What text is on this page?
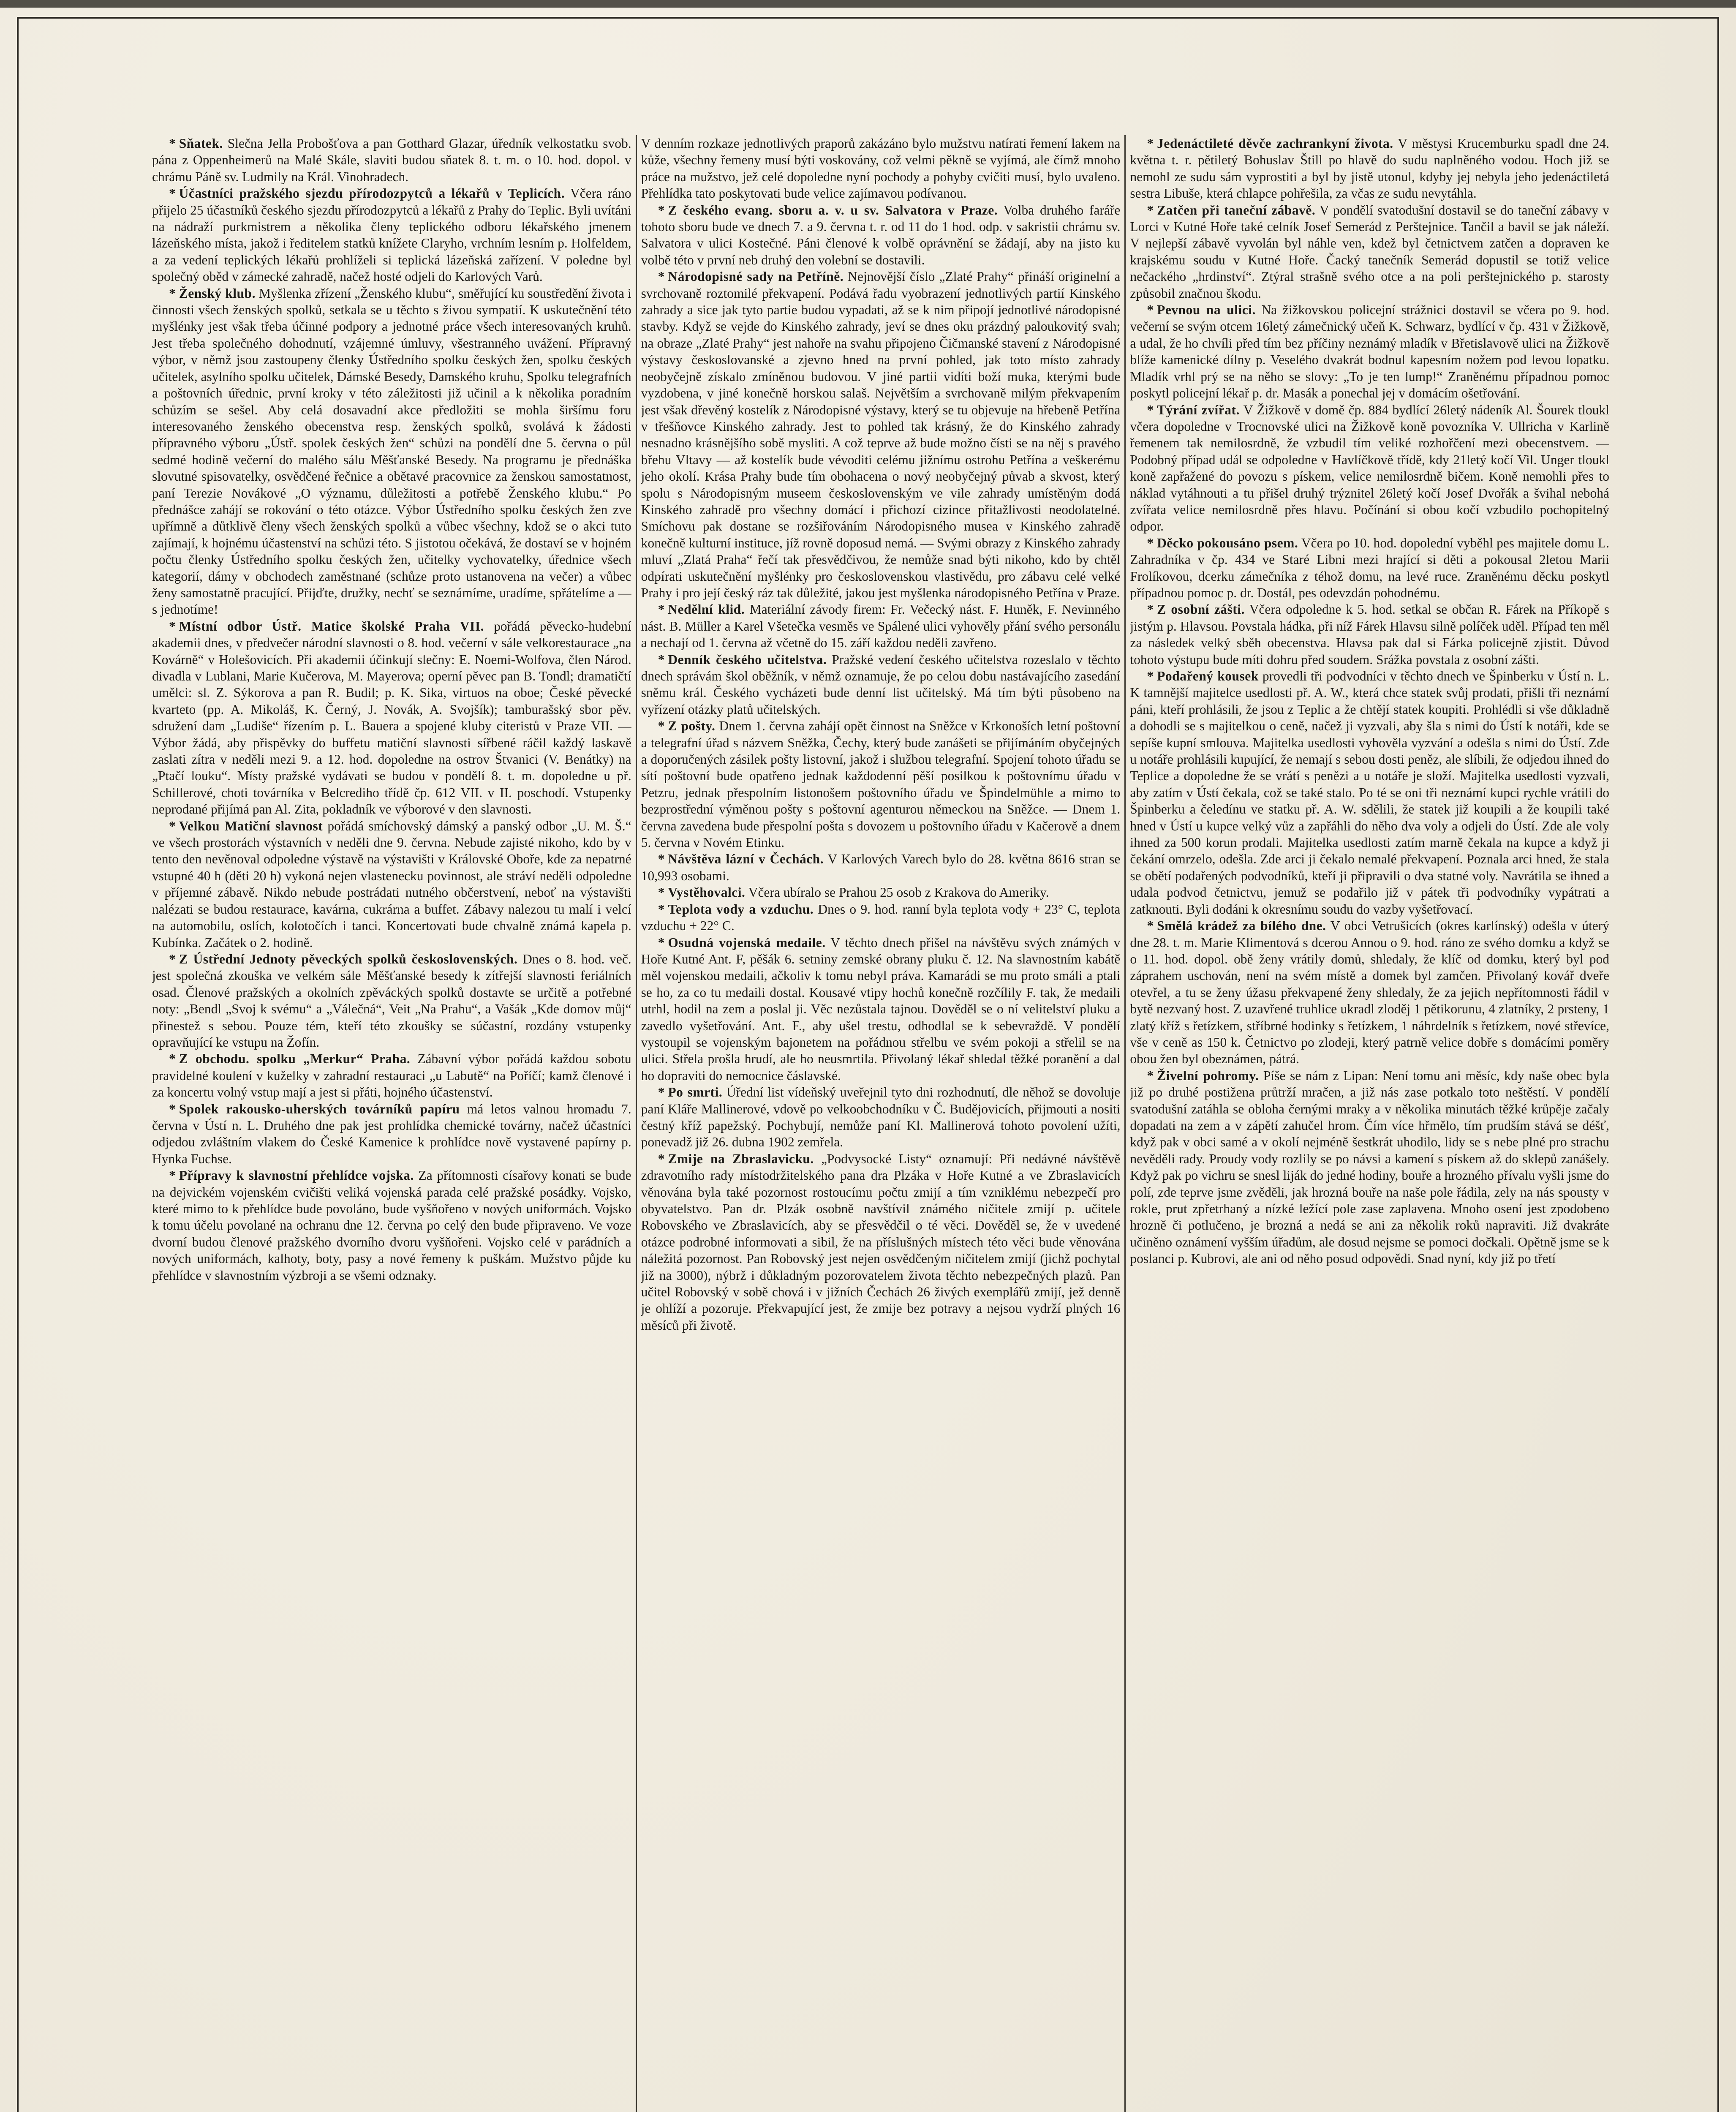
* Sňatek. Slečna Jella Probošťova a pan Gotthard Glazar, úředník velkostatku svob. pána z Oppenheimerů na Malé Skále, slaviti budou sňatek 8. t. m. o 10. hod. dopol. v chrámu Páně sv. Ludmily na Král. Vinohradech.

* Účastníci pražského sjezdu přírodozpytců a lékařů v Teplicích. Včera ráno přijelo 25 účastníků českého sjezdu přírodozpytců a lékařů z Prahy do Teplic. Byli uvítáni na nádraží purkmistrem a několika členy teplického odboru lékařského jmenem lázeňského místa, jakož i ředitelem statků knížete Claryho, vrchním lesním p. Holfeldem, a za vedení teplických lékařů prohlíželi si teplická lázeňská zařízení. V poledne byl společný oběd v zámecké zahradě, načež hosté odjeli do Karlových Varů.

* Ženský klub. Myšlenka zřízení „Ženského klubu“, směřující ku soustředění života i činnosti všech ženských spolků, setkala se u těchto s živou sympatií. K uskutečnění této myšlénky jest však třeba účinné podpory a jednotné práce všech interesovaných kruhů. Jest třeba společného dohodnutí, vzájemné úmluvy, všestranného uvážení. Přípravný výbor, v němž jsou zastoupeny členky Ústředního spolku českých žen, spolku českých učitelek, asylního spolku učitelek, Dámské Besedy, Damského kruhu, Spolku telegrafních a poštovních úřednic, první kroky v této záležitosti již učinil a k několika poradním schůzím se sešel. Aby celá dosavadní akce předložiti se mohla širšímu foru interesovaného ženského obecenstva resp. ženských spolků, svolává k žádosti přípravného výboru „Ústř. spolek českých žen“ schůzi na pondělí dne 5. června o půl sedmé hodině večerní do malého sálu Měšťanské Besedy. Na programu je přednáška slovutné spisovatelky, osvědčené řečnice a obětavé pracovnice za ženskou samostatnost, paní Terezie Novákové „O významu, důležitosti a potřebě Ženského klubu.“ Po přednášce zahájí se rokování o této otázce. Výbor Ústředního spolku českých žen zve upřímně a důtklivě členy všech ženských spolků a vůbec všechny, kdož se o akci tuto zajímají, k hojnému účastenství na schůzi této. S jistotou očekává, že dostaví se v hojném počtu členky Ústředního spolku českých žen, učitelky vychovatelky, úřednice všech kategorií, dámy v obchodech zaměstnané (schůze proto ustanovena na večer) a vůbec ženy samostatně pracující. Přijďte, družky, nechť se seznámíme, uradíme, spřátelíme a — s jednotíme!

* Místní odbor Ústř. Matice školské Praha VII. pořádá pěvecko-hudební akademii dnes, v předvečer národní slavnosti o 8. hod. večerní v sále velkorestaurace „na Kovárně“ v Holešovicích. Při akademii účinkují slečny: E. Noemi-Wolfova, člen Národ. divadla v Lublani, Marie Kučerova, M. Mayerova; operní pěvec pan B. Tondl; dramatičtí umělci: sl. Z. Sýkorova a pan R. Budil; p. K. Sika, virtuos na oboe; České pěvecké kvarteto (pp. A. Mikoláš, K. Černý, J. Novák, A. Svojšík); tamburašský sbor pěv. sdružení dam „Ludiše“ řízením p. L. Bauera a spojené kluby citeristů v Praze VII. — Výbor žádá, aby přispěvky do buffetu matiční slavnosti sířbené ráčil každý laskavě zaslati zítra v neděli mezi 9. a 12. hod. dopoledne na ostrov Štvanici (V. Benátky) na „Ptačí louku“. Místy pražské vydávati se budou v pondělí 8. t. m. dopoledne u př. Schillerové, choti továrníka v Belcrediho třídě čp. 612 VII. v II. poschodí. Vstupenky neprodané přijímá pan Al. Zita, pokladník ve výborové v den slavnosti.

* Velkou Matiční slavnost pořádá smíchovský dámský a panský odbor „U. M. Š.“ ve všech prostorách výstavních v neděli dne 9. června. Nebude zajisté nikoho, kdo by v tento den nevěnoval odpoledne výstavě na výstavišti v Královské Oboře, kde za nepatrné vstupné 40 h (děti 20 h) vykoná nejen vlastenecku povinnost, ale stráví neděli odpoledne v příjemné zábavě. Nikdo nebude postrádati nutného občerstvení, neboť na výstavišti nalézati se budou restaurace, kavárna, cukrárna a buffet. Zábavy nalezou tu malí i velcí na automobilu, oslích, kolotočích i tanci. Koncertovati bude chvalně známá kapela p. Kubínka. Začátek o 2. hodině.

* Z Ústřední Jednoty pěveckých spolků československých. Dnes o 8. hod. več. jest společná zkouška ve velkém sále Měšťanské besedy k zítřejší slavnosti feriálních osad. Členové pražských a okolních zpěváckých spolků dostavte se určitě a potřebné noty: „Bendl „Svoj k svému“ a „Válečná“, Veit „Na Prahu“, a Vašák „Kde domov můj“ přinestež s sebou. Pouze tém, kteří této zkoušky se súčastní, rozdány vstupenky opravňující ke vstupu na Žofín.

* Z obchodu. spolku „Merkur“ Praha. Zábavní výbor pořádá každou sobotu pravidelné koulení v kuželky v zahradní restauraci „u Labutě“ na Poříčí; kamž členové i za koncertu volný vstup mají a jest si přáti, hojného účastenství.

* Spolek rakousko-uherských továrníků papíru má letos valnou hromadu 7. června v Ústí n. L. Druhého dne pak jest prohlídka chemické továrny, načež účastníci odjedou zvláštním vlakem do České Kamenice k prohlídce nově vystavené papírny p. Hynka Fuchse.

* Přípravy k slavnostní přehlídce vojska. Za přítomnosti císařovy konati se bude na dejvickém vojenském cvičišti veliká vojenská parada celé pražské posádky. Vojsko, které mimo to k přehlídce bude povoláno, bude vyšňořeno v nových uniformách. Vojsko k tomu účelu povolané na ochranu dne 12. června po celý den bude připraveno. Ve voze dvorní budou členové pražského dvorního dvoru vyšňořeni. Vojsko celé v parádních a nových uniformách, kalhoty, boty, pasy a nové řemeny k puškám. Mužstvo půjde ku přehlídce v slavnostním výzbroji a se všemi odznaky.

V denním rozkaze jednotlivých praporů zakázáno bylo mužstvu natírati řemení lakem na kůže, všechny řemeny musí býti voskovány, což velmi pěkně se vyjímá, ale čímž mnoho práce na mužstvo, jež celé dopoledne nyní pochody a pohyby cvičiti musí, bylo uvaleno. Přehlídka tato poskytovati bude velice zajímavou podívanou.

* Z českého evang. sboru a. v. u sv. Salvatora v Praze. Volba druhého faráře tohoto sboru bude ve dnech 7. a 9. června t. r. od 11 do 1 hod. odp. v sakristii chrámu sv. Salvatora v ulici Kostečné. Páni členové k volbě oprávnění se žádají, aby na jisto ku volbě této v první neb druhý den volební se dostavili.

* Národopisné sady na Petříně. Nejnovější číslo „Zlaté Prahy“ přináší originelní a svrchovaně roztomilé překvapení. Podává řadu vyobrazení jednotlivých partií Kinského zahrady a sice jak tyto partie budou vypadati, až se k nim připojí jednotlivé národopisné stavby. Když se vejde do Kinského zahrady, jeví se dnes oku prázdný paloukovitý svah; na obraze „Zlaté Prahy“ jest nahoře na svahu připojeno Čičmanské stavení z Národopisné výstavy českoslovanské a zjevno hned na první pohled, jak toto místo zahrady neobyčejně získalo zmíněnou budovou. V jiné partii vidíti boží muka, kterými bude vyzdobena, v jiné konečně horskou salaš. Největším a svrchovaně milým překvapením jest však dřevěný kostelík z Národopisné výstavy, který se tu objevuje na hřebeně Petřína v třešňovce Kinského zahrady. Jest to pohled tak krásný, že do Kinského zahrady nesnadno krásnějšího sobě mysliti. A což teprve až bude možno čísti se na něj s pravého břehu Vltavy — až kostelík bude vévoditi celému jižnímu ostrohu Petřína a veškerému jeho okolí. Krása Prahy bude tím obohacena o nový neobyčejný půvab a skvost, který spolu s Národopisným museem československým ve vile zahrady umístěným dodá Kinského zahradě pro všechny domácí i přichozí cizince přitažlivosti neodolatelné. Smíchovu pak dostane se rozšiřováním Národopisného musea v Kinského zahradě konečně kulturní instituce, jíž rovně doposud nemá. — Svými obrazy z Kinského zahrady mluví „Zlatá Praha“ řečí tak přesvědčivou, že nemůže snad býti nikoho, kdo by chtěl odpírati uskutečnění myšlénky pro československou vlastivědu, pro zábavu celé velké Prahy i pro její český ráz tak důležité, jakou jest myšlenka národopisného Petřína v Praze.

* Nedělní klid. Materiální závody firem: Fr. Večecký nást. F. Huněk, F. Nevinného nást. B. Müller a Karel Všetečka vesměs ve Spálené ulici vyhověly přání svého personálu a nechají od 1. června až včetně do 15. září každou neděli zavřeno.

* Denník českého učitelstva. Pražské vedení českého učitelstva rozeslalo v těchto dnech správám škol oběžník, v němž oznamuje, že po celou dobu nastávajícího zasedání sněmu král. Českého vycházeti bude denní list učitelský. Má tím býti působeno na vyřízení otázky platů učitelských.

* Z pošty. Dnem 1. června zahájí opět činnost na Sněžce v Krkonoších letní poštovní a telegrafní úřad s názvem Sněžka, Čechy, který bude zanášeti se přijímáním obyčejných a doporučených zásilek pošty listovní, jakož i službou telegrafní. Spojení tohoto úřadu se sítí poštovní bude opatřeno jednak každodenní pěší posilkou k poštovnímu úřadu v Petzru, jednak přespolním listonošem poštovního úřadu ve Špindelmühle a mimo to bezprostřední výměnou pošty s poštovní agenturou německou na Sněžce. — Dnem 1. června zavedena bude přespolní pošta s dovozem u poštovního úřadu v Kačerově a dnem 5. června v Novém Etinku.

* Návštěva lázní v Čechách. V Karlových Varech bylo do 28. května 8616 stran se 10,993 osobami.

* Vystěhovalci. Včera ubíralo se Prahou 25 osob z Krakova do Ameriky.

* Teplota vody a vzduchu. Dnes o 9. hod. ranní byla teplota vody + 23° C, teplota vzduchu + 22° C.

* Osudná vojenská medaile. V těchto dnech přišel na návštěvu svých známých v Hoře Kutné Ant. F, pěšák 6. setniny zemské obrany pluku č. 12. Na slavnostním kabátě měl vojenskou medaili, ačkoliv k tomu nebyl práva. Kamarádi se mu proto smáli a ptali se ho, za co tu medaili dostal. Kousavé vtipy hochů konečně rozčílily F. tak, že medaili utrhl, hodil na zem a poslal ji. Věc nezůstala tajnou. Dověděl se o ní velitelství pluku a zavedlo vyšetřování. Ant. F., aby ušel trestu, odhodlal se k sebevraždě. V pondělí vystoupil se vojenským bajonetem na pořádnou střelbu ve svém pokoji a střelil se na ulici. Střela prošla hrudí, ale ho neusmrtila. Přivolaný lékař shledal těžké poranění a dal ho dopraviti do nemocnice čáslavské.

* Po smrti. Úřední list vídeňský uveřejnil tyto dni rozhodnutí, dle něhož se dovoluje paní Kláře Mallinerové, vdově po velkoobchodníku v Č. Budějovicích, přijmouti a nositi čestný kříž papežský. Pochybují, nemůže paní Kl. Mallinerová tohoto povolení užíti, ponevadž již 26. dubna 1902 zemřela.

* Zmije na Zbraslavicku. „Podvysocké Listy“ oznamují: Při nedávné návštěvě zdravotního rady místodržitelského pana dra Plzáka v Hoře Kutné a ve Zbraslavicích věnována byla také pozornost rostoucímu počtu zmijí a tím vzniklému nebezpečí pro obyvatelstvo. Pan dr. Plzák osobně navštívil známého ničitele zmijí p. učitele Robovského ve Zbraslavicích, aby se přesvědčil o té věci. Dověděl se, že v uvedené otázce podrobné informovati a sibil, že na příslušných místech této věci bude věnována náležitá pozornost. Pan Robovský jest nejen osvědčeným ničitelem zmijí (jichž pochytal již na 3000), nýbrž i důkladným pozorovatelem života těchto nebezpečných plazů. Pan učitel Robovský v sobě chová i v jižních Čechách 26 živých exemplářů zmijí, jež denně je ohlíží a pozoruje. Překvapující jest, že zmije bez potravy a nejsou vydrží plných 16 měsíců při životě.

* Jedenáctileté děvče zachrankyní života. V městysi Krucemburku spadl dne 24. května t. r. pětiletý Bohuslav Štill po hlavě do sudu naplněného vodou. Hoch již se nemohl ze sudu sám vyprostiti a byl by jistě utonul, kdyby jej nebyla jeho jedenáctiletá sestra Libuše, která chlapce pohřešila, za včas ze sudu nevytáhla.

* Zatčen při taneční zábavě. V pondělí svatodušní dostavil se do taneční zábavy v Lorci v Kutné Hoře také celník Josef Semerád z Perštejnice. Tančil a bavil se jak náleží. V nejlepší zábavě vyvolán byl náhle ven, kdež byl četnictvem zatčen a dopraven ke krajskému soudu v Kutné Hoře. Čacký tanečník Semerád dopustil se totiž velice nečackého „hrdinství“. Ztýral strašně svého otce a na poli perštejnického p. starosty způsobil značnou škodu.

* Pevnou na ulici. Na žižkovskou policejní strážnici dostavil se včera po 9. hod. večerní se svým otcem 16letý zámečnický učeň K. Schwarz, bydlící v čp. 431 v Žižkově, a udal, že ho chvíli před tím bez příčiny neznámý mladík v Břetislavově ulici na Žižkově blíže kamenické dílny p. Veselého dvakrát bodnul kapesním nožem pod levou lopatku. Mladík vrhl prý se na něho se slovy: „To je ten lump!“ Zraněnému případnou pomoc poskytl policejní lékař p. dr. Masák a ponechal jej v domácím ošetřování.

* Týrání zvířat. V Žižkově v domě čp. 884 bydlící 26letý nádeník Al. Šourek tloukl včera dopoledne v Trocnovské ulici na Žižkově koně povozníka V. Ullricha v Karlině řemenem tak nemilosrdně, že vzbudil tím veliké rozhořčení mezi obecenstvem. — Podobný případ udál se odpoledne v Havlíčkově třídě, kdy 21letý kočí Vil. Unger tloukl koně zapřažené do povozu s pískem, velice nemilosrdně bičem. Koně nemohli přes to náklad vytáhnouti a tu přišel druhý trýznitel 26letý kočí Josef Dvořák a švihal nebohá zvířata velice nemilosrdně přes hlavu. Počínání si obou kočí vzbudilo pochopitelný odpor.

* Děcko pokousáno psem. Včera po 10. hod. dopolední vyběhl pes majitele domu L. Zahradníka v čp. 434 ve Staré Libni mezi hrající si děti a pokousal 2letou Marii Frolíkovou, dcerku zámečníka z téhož domu, na levé ruce. Zraněnému děcku poskytl případnou pomoc p. dr. Dostál, pes odevzdán pohodnému.

* Z osobní zášti. Včera odpoledne k 5. hod. setkal se občan R. Fárek na Příkopě s jistým p. Hlavsou. Povstala hádka, při níž Fárek Hlavsu silně políček uděl. Případ ten měl za následek velký sběh obecenstva. Hlavsa pak dal si Fárka policejně zjistit. Důvod tohoto výstupu bude míti dohru před soudem. Srážka povstala z osobní zášti.

* Podařený kousek provedli tři podvodníci v těchto dnech ve Špinberku v Ústí n. L. K tamnější majitelce usedlosti př. A. W., která chce statek svůj prodati, přišli tři neznámí páni, kteří prohlásili, že jsou z Teplic a že chtějí statek koupiti. Prohlédli si vše důkladně a dohodli se s majitelkou o ceně, načež ji vyzvali, aby šla s nimi do Ústí k notáři, kde se sepíše kupní smlouva. Majitelka usedlosti vyhověla vyzvání a odešla s nimi do Ústí. Zde u notáře prohlásili kupující, že nemají s sebou dosti peněz, ale slíbili, že odjedou ihned do Teplice a dopoledne že se vrátí s penězi a u notáře je složí. Majitelka usedlosti vyzvali, aby zatím v Ústí čekala, což se také stalo. Po té se oni tři neznámí kupci rychle vrátili do Špinberku a čeledínu ve statku př. A. W. sdělili, že statek již koupili a že koupili také hned v Ústí u kupce velký vůz a zapřáhli do něho dva voly a odjeli do Ústí. Zde ale voly ihned za 500 korun prodali. Majitelka usedlosti zatím marně čekala na kupce a když ji čekání omrzelo, odešla. Zde arci ji čekalo nemalé překvapení. Poznala arci hned, že stala se obětí podařených podvodníků, kteří ji připravili o dva statné voly. Navrátila se ihned a udala podvod četnictvu, jemuž se podařilo již v pátek tři podvodníky vypátrati a zatknouti. Byli dodáni k okresnímu soudu do vazby vyšetřovací.

* Smělá krádež za bílého dne. V obci Vetrušicích (okres karlínský) odešla v úterý dne 28. t. m. Marie Klimentová s dcerou Annou o 9. hod. ráno ze svého domku a když se o 11. hod. dopol. obě ženy vrátily domů, shledaly, že klíč od domku, který byl pod záprahem uschován, není na svém místě a domek byl zamčen. Přivolaný kovář dveře otevřel, a tu se ženy úžasu překvapené ženy shledaly, že za jejich nepřítomnosti řádil v bytě nezvaný host. Z uzavřené truhlice ukradl zloděj 1 pětikorunu, 4 zlatníky, 2 prsteny, 1 zlatý kříž s řetízkem, stříbrné hodinky s řetízkem, 1 náhrdelník s řetízkem, nové střevíce, vše v ceně as 150 k. Četnictvo po zlodeji, který patrně velice dobře s domácími poměry obou žen byl obeznámen, pátrá.

* Živelní pohromy. Píše se nám z Lipan: Není tomu ani měsíc, kdy naše obec byla již po druhé postižena průtrží mračen, a již nás zase potkalo toto neštěstí. V pondělí svatodušní zatáhla se obloha černými mraky a v několika minutách těžké krůpěje začaly dopadati na zem a v zápětí zahučel hrom. Čím více hřmělo, tím prudším stává se déšť, když pak v obci samé a v okolí nejméně šestkrát uhodilo, lidy se s nebe plné pro strachu nevěděli rady. Proudy vody rozlily se po návsi a kamení s pískem až do sklepů zanášely. Když pak po vichru se snesl liják do jedné hodiny, bouře a hrozného přívalu vyšli jsme do polí, zde teprve jsme zvěděli, jak hrozná bouře na naše pole řádila, zely na nás spousty v rokle, prut zpřetrhaný a nízké ležící pole zase zaplavena. Mnoho osení jest zpodobeno hrozně či potlučeno, je brozná a nedá se ani za několik roků napraviti. Již dvakráte učiněno oznámení vyšším úřadům, ale dosud nejsme se pomoci dočkali. Opětně jsme se k poslanci p. Kubrovi, ale ani od něho posud odpovědi. Snad nyní, kdy již po třetí
